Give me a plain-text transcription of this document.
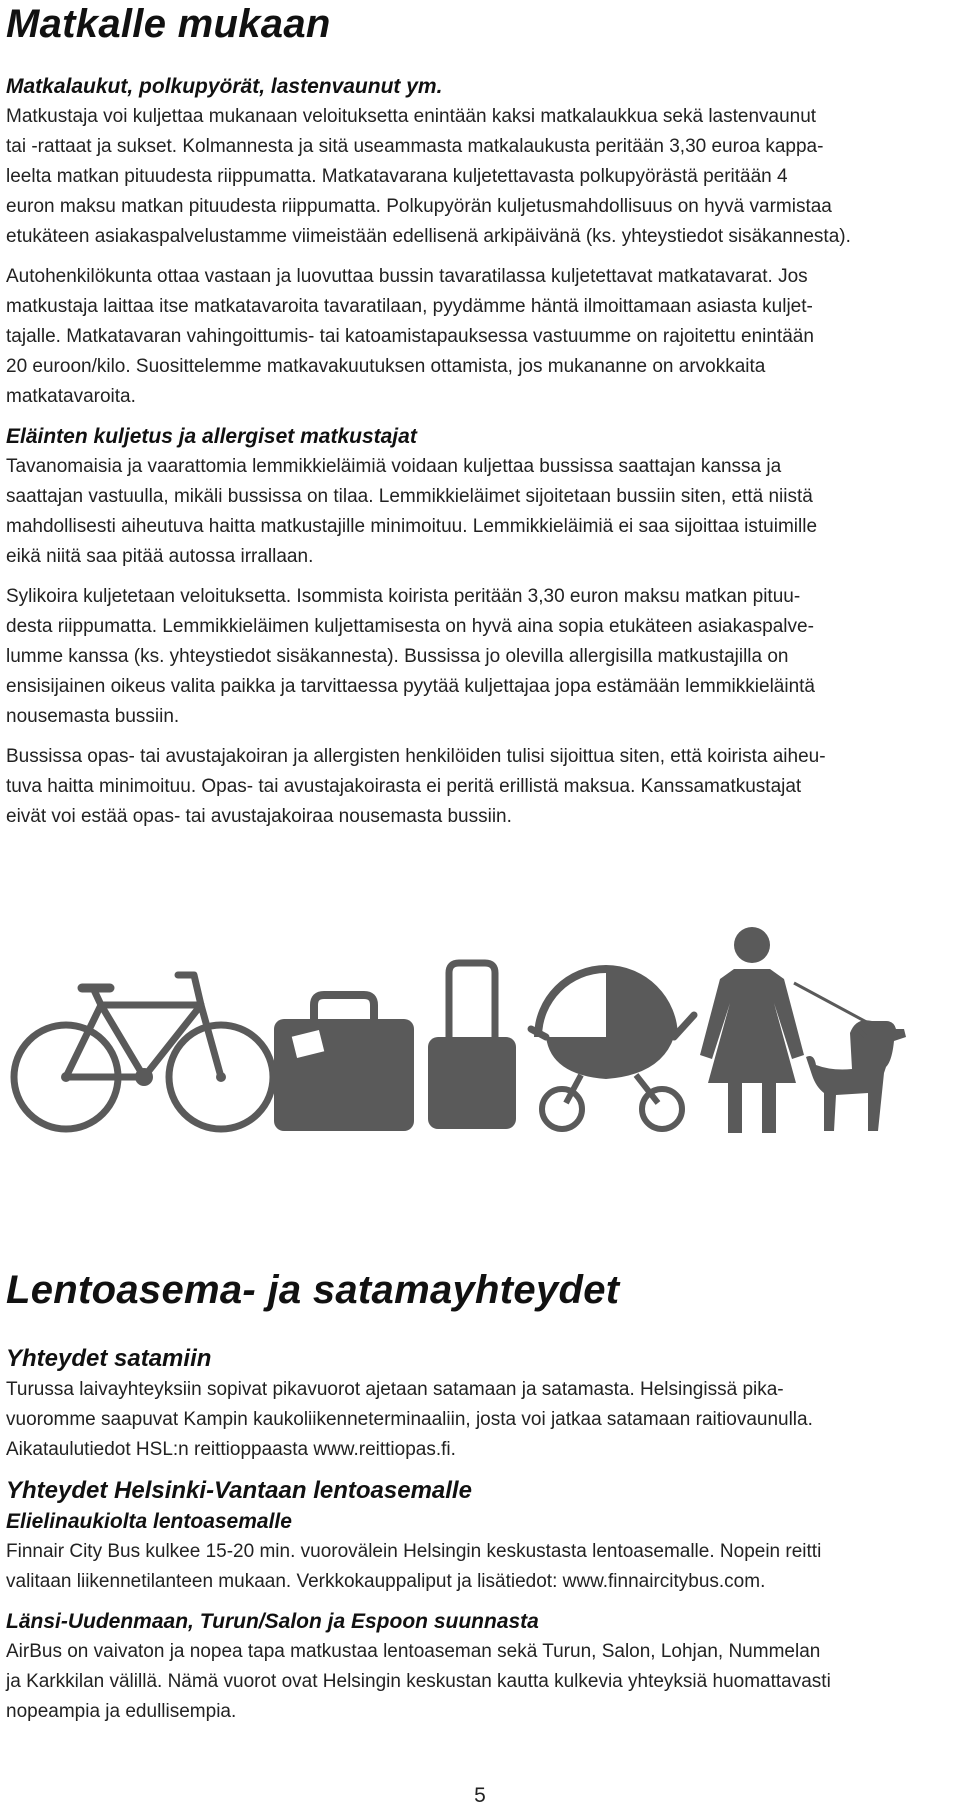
Matkalle mukaan
Matkalaukut, polkupyörät, lastenvaunut ym.

Matkustaja voi kuljettaa mukanaan veloituksetta enintään kaksi matkalaukkua sekä lastenvaunut
tai -rattaat ja sukset. Kolmannesta ja sitä useammasta matkalaukusta peritään 3,30 euroa kappa-
leelta matkan pituudesta riippumatta. Matkatavarana kuljetettavasta polkupyörästä peritään 4
euron maksu matkan pituudesta riippumatta. Polkupyörän kuljetusmahdollisuus on hyvä varmistaa
etukäteen asiakaspalvelustamme viimeistään edellisenä arkipäivänä (ks. yhteystiedot sisäkannesta).

Autohenkilökunta ottaa vastaan ja luovuttaa bussin tavaratilassa kuljetettavat matkatavarat. Jos
matkustaja laittaa itse matkatavaroita tavaratilaan, pyydämme häntä ilmoittamaan asiasta kuljet-
tajalle. Matkatavaran vahingoittumis- tai katoamistapauksessa vastuumme on rajoitettu enintään
20 euroon/kilo. Suosittelemme matkavakuutuksen ottamista, jos mukananne on arvokkaita
matkatavaroita.

Eläinten kuljetus ja allergiset matkustajat

Tavanomaisia ja vaarattomia lemmikkieläimiä voidaan kuljettaa bussissa saattajan kanssa ja
saattajan vastuulla, mikäli bussissa on tilaa. Lemmikkieläimet sijoitetaan bussiin siten, että niistä
mahdollisesti aiheutuva haitta matkustajille minimoituu. Lemmikkieläimiä ei saa sijoittaa istuimille
eikä niitä saa pitää autossa irrallaan.

Sylikoira kuljetetaan veloituksetta. Isommista koirista peritään 3,30 euron maksu matkan pituu-
desta riippumatta. Lemmikkieläimen kuljettamisesta on hyvä aina sopia etukäteen asiakaspalve-
lumme kanssa (ks. yhteystiedot sisäkannesta). Bussissa jo olevilla allergisilla matkustajilla on
ensisijainen oikeus valita paikka ja tarvittaessa pyytää kuljettajaa jopa estämään lemmikkieläintä
nousemasta bussiin.

Bussissa opas- tai avustajakoiran ja allergisten henkilöiden tulisi sijoittua siten, että koirista aiheu-
tuva haitta minimoituu. Opas- tai avustajakoirasta ei peritä erillistä maksua. Kanssamatkustajat
eivät voi estää opas- tai avustajakoiraa nousemasta bussiin.

Lentoasema- ja satamayhteydet
Yhteydet satamiin

Turussa laivayhteyksiin sopivat pikavuorot ajetaan satamaan ja satamasta. Helsingissä pika-
vuoromme saapuvat Kampin kaukoliikenneterminaaliin, josta voi jatkaa satamaan raitiovaunulla.
Aikataulutiedot HSL:n reittioppaasta www.reittiopas.fi.

Yhteydet Helsinki-Vantaan lentoasemalle
Elielinaukiolta lentoasemalle

Finnair City Bus kulkee 15-20 min. vuorovälein Helsingin keskustasta lentoasemalle. Nopein reitti
valitaan liikennetilanteen mukaan. Verkkokauppaliput ja lisätiedot: www.finnaircitybus.com.

Länsi-Uudenmaan, Turun/Salon ja Espoon suunnasta

AirBus on vaivaton ja nopea tapa matkustaa lentoaseman sekä Turun, Salon, Lohjan, Nummelan
ja Karkkilan välillä. Nämä vuorot ovat Helsingin keskustan kautta kulkevia yhteyksiä huomattavasti
nopeampia ja edullisempia.

5
